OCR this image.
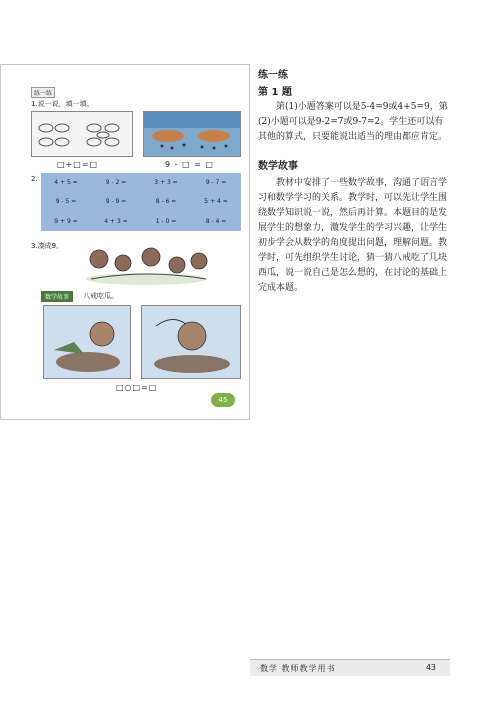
练一练
1.说一说，填一填。
□+□=□	9 - □ = □
2.	4 + 5 =	9 - 2 =	3 + 3 =	9 - 7 =
9 - 5 =	9 - 9 =	8 - 6 =	5 + 4 =
9 + 9 =	4 + 3 =	1 - 0 =	8 - 4 =
3.凑成9。
数学故事	八戒吃瓜。
□○□=□
45

练一练

第 1 题

第(1)小题答案可以是5-4=9或4+5=9，第(2)小题可以是9-2=7或9-7=2。学生还可以有其他的算式，只要能说出适当的理由都应肯定。

数学故事

教材中安排了一些数学故事，沟通了语言学习和数学学习的关系。教学时，可以先让学生围绕数学知识说一说，然后再计算。本题目的是发展学生的想象力，激发学生的学习兴趣，让学生初步学会从数学的角度提出问题，理解问题。教学时，可先组织学生讨论，猜一猜八戒吃了几块西瓜，说一说自己是怎么想的，在讨论的基础上完成本题。

数学 教师教学用书	43
